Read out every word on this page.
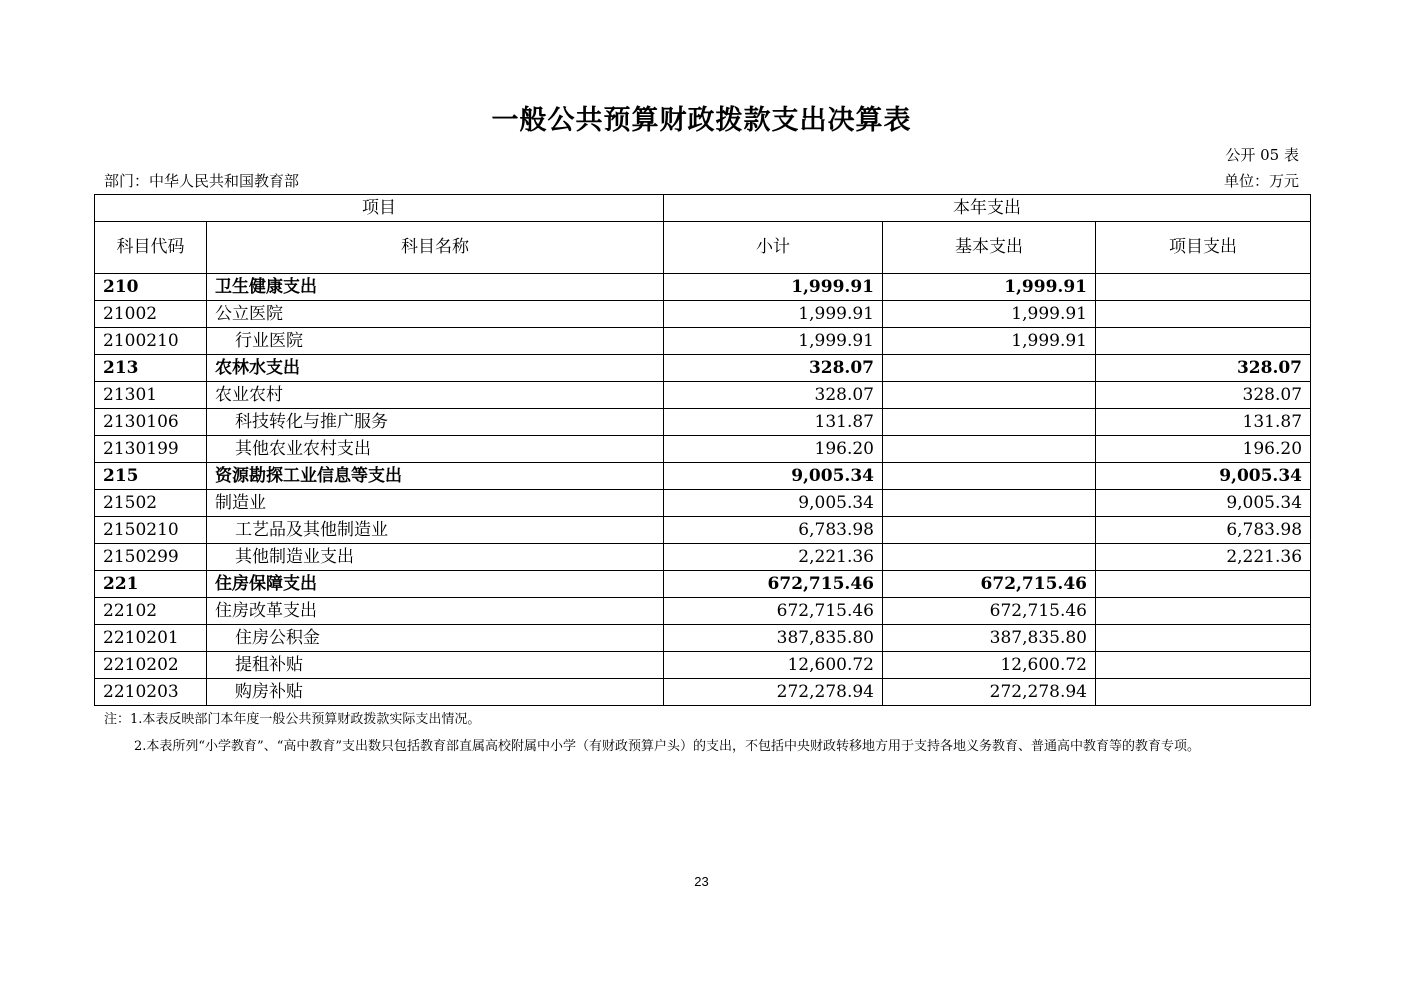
一般公共预算财政拨款支出决算表
公开 05 表
部门：中华人民共和国教育部	单位：万元
项目		本年支出		
科目代码	科目名称	小计	基本支出	项目支出
210	卫生健康支出	1,999.91	1,999.91	
21002	公立医院	1,999.91	1,999.91	
2100210	行业医院	1,999.91	1,999.91	
213	农林水支出	328.07		328.07
21301	农业农村	328.07		328.07
2130106	科技转化与推广服务	131.87		131.87
2130199	其他农业农村支出	196.20		196.20
215	资源勘探工业信息等支出	9,005.34		9,005.34
21502	制造业	9,005.34		9,005.34
2150210	工艺品及其他制造业	6,783.98		6,783.98
2150299	其他制造业支出	2,221.36		2,221.36
221	住房保障支出	672,715.46	672,715.46	
22102	住房改革支出	672,715.46	672,715.46	
2210201	住房公积金	387,835.80	387,835.80	
2210202	提租补贴	12,600.72	12,600.72	
2210203	购房补贴	272,278.94	272,278.94	
注：1.本表反映部门本年度一般公共预算财政拨款实际支出情况。
2.本表所列“小学教育”、“高中教育”支出数只包括教育部直属高校附属中小学（有财政预算户头）的支出，不包括中央财政转移地方用于支持各地义务教育、普通高中教育等的教育专项。
23
